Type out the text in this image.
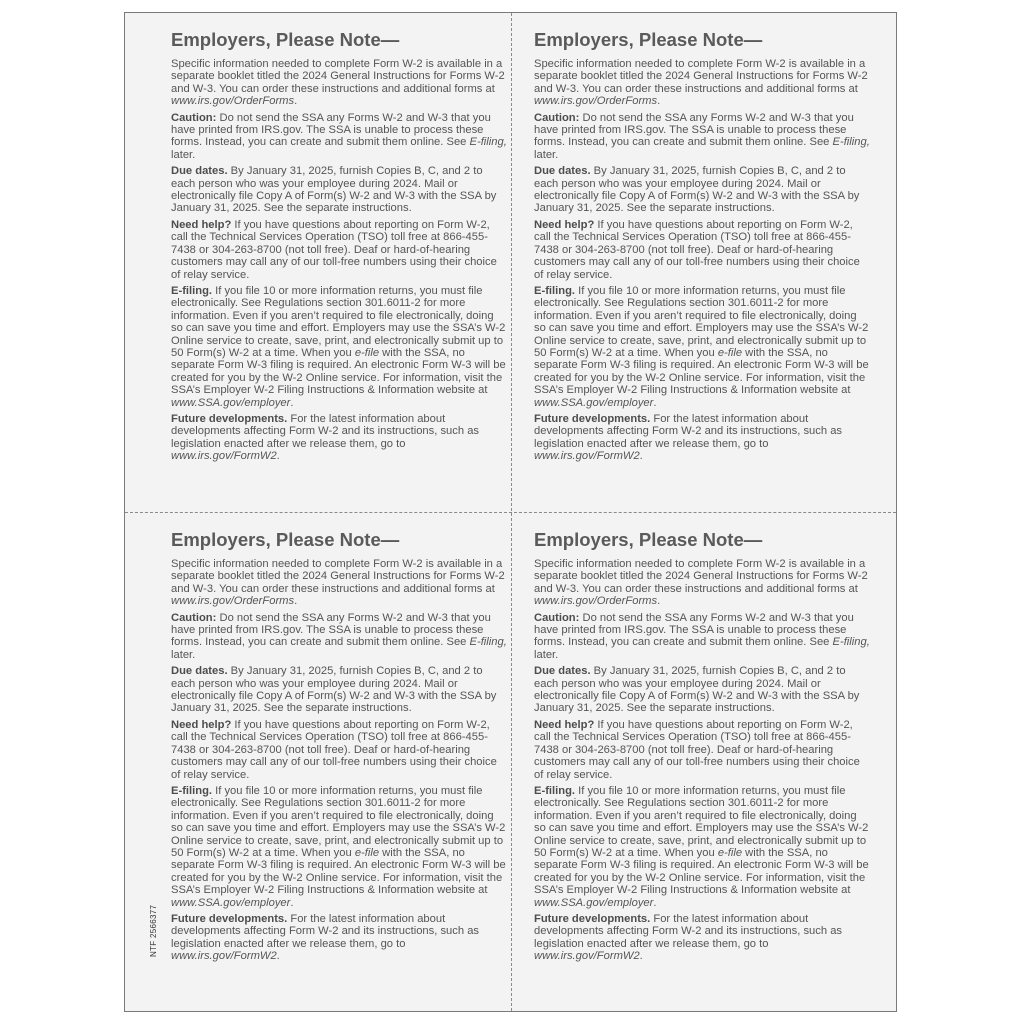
Employers, Please Note—

Specific information needed to complete Form W-2 is available in a separate booklet titled the 2024 General Instructions for Forms W-2 and W-3. You can order these instructions and additional forms at www.irs.gov/OrderForms.

Caution: Do not send the SSA any Forms W-2 and W-3 that you have printed from IRS.gov. The SSA is unable to process these forms. Instead, you can create and submit them online. See E-filing, later.

Due dates. By January 31, 2025, furnish Copies B, C, and 2 to each person who was your employee during 2024. Mail or electronically file Copy A of Form(s) W-2 and W-3 with the SSA by January 31, 2025. See the separate instructions.

Need help? If you have questions about reporting on Form W-2, call the Technical Services Operation (TSO) toll free at 866-455-7438 or 304-263-8700 (not toll free). Deaf or hard-of-hearing customers may call any of our toll-free numbers using their choice of relay service.

E-filing. If you file 10 or more information returns, you must file electronically. See Regulations section 301.6011-2 for more information. Even if you aren’t required to file electronically, doing so can save you time and effort. Employers may use the SSA’s W-2 Online service to create, save, print, and electronically submit up to 50 Form(s) W-2 at a time. When you e-file with the SSA, no separate Form W-3 filing is required. An electronic Form W-3 will be created for you by the W-2 Online service. For information, visit the SSA’s Employer W-2 Filing Instructions & Information website at www.SSA.gov/employer.

Future developments. For the latest information about developments affecting Form W-2 and its instructions, such as legislation enacted after we release them, go to www.irs.gov/FormW2.

Employers, Please Note—

Specific information needed to complete Form W-2 is available in a separate booklet titled the 2024 General Instructions for Forms W-2 and W-3. You can order these instructions and additional forms at www.irs.gov/OrderForms.

Caution: Do not send the SSA any Forms W-2 and W-3 that you have printed from IRS.gov. The SSA is unable to process these forms. Instead, you can create and submit them online. See E-filing, later.

Due dates. By January 31, 2025, furnish Copies B, C, and 2 to each person who was your employee during 2024. Mail or electronically file Copy A of Form(s) W-2 and W-3 with the SSA by January 31, 2025. See the separate instructions.

Need help? If you have questions about reporting on Form W-2, call the Technical Services Operation (TSO) toll free at 866-455-7438 or 304-263-8700 (not toll free). Deaf or hard-of-hearing customers may call any of our toll-free numbers using their choice of relay service.

E-filing. If you file 10 or more information returns, you must file electronically. See Regulations section 301.6011-2 for more information. Even if you aren’t required to file electronically, doing so can save you time and effort. Employers may use the SSA’s W-2 Online service to create, save, print, and electronically submit up to 50 Form(s) W-2 at a time. When you e-file with the SSA, no separate Form W-3 filing is required. An electronic Form W-3 will be created for you by the W-2 Online service. For information, visit the SSA’s Employer W-2 Filing Instructions & Information website at www.SSA.gov/employer.

Future developments. For the latest information about developments affecting Form W-2 and its instructions, such as legislation enacted after we release them, go to www.irs.gov/FormW2.

Employers, Please Note—

Specific information needed to complete Form W-2 is available in a separate booklet titled the 2024 General Instructions for Forms W-2 and W-3. You can order these instructions and additional forms at www.irs.gov/OrderForms.

Caution: Do not send the SSA any Forms W-2 and W-3 that you have printed from IRS.gov. The SSA is unable to process these forms. Instead, you can create and submit them online. See E-filing, later.

Due dates. By January 31, 2025, furnish Copies B, C, and 2 to each person who was your employee during 2024. Mail or electronically file Copy A of Form(s) W-2 and W-3 with the SSA by January 31, 2025. See the separate instructions.

Need help? If you have questions about reporting on Form W-2, call the Technical Services Operation (TSO) toll free at 866-455-7438 or 304-263-8700 (not toll free). Deaf or hard-of-hearing customers may call any of our toll-free numbers using their choice of relay service.

E-filing. If you file 10 or more information returns, you must file electronically. See Regulations section 301.6011-2 for more information. Even if you aren’t required to file electronically, doing so can save you time and effort. Employers may use the SSA’s W-2 Online service to create, save, print, and electronically submit up to 50 Form(s) W-2 at a time. When you e-file with the SSA, no separate Form W-3 filing is required. An electronic Form W-3 will be created for you by the W-2 Online service. For information, visit the SSA’s Employer W-2 Filing Instructions & Information website at www.SSA.gov/employer.

Future developments. For the latest information about developments affecting Form W-2 and its instructions, such as legislation enacted after we release them, go to www.irs.gov/FormW2.

Employers, Please Note—

Specific information needed to complete Form W-2 is available in a separate booklet titled the 2024 General Instructions for Forms W-2 and W-3. You can order these instructions and additional forms at www.irs.gov/OrderForms.

Caution: Do not send the SSA any Forms W-2 and W-3 that you have printed from IRS.gov. The SSA is unable to process these forms. Instead, you can create and submit them online. See E-filing, later.

Due dates. By January 31, 2025, furnish Copies B, C, and 2 to each person who was your employee during 2024. Mail or electronically file Copy A of Form(s) W-2 and W-3 with the SSA by January 31, 2025. See the separate instructions.

Need help? If you have questions about reporting on Form W-2, call the Technical Services Operation (TSO) toll free at 866-455-7438 or 304-263-8700 (not toll free). Deaf or hard-of-hearing customers may call any of our toll-free numbers using their choice of relay service.

E-filing. If you file 10 or more information returns, you must file electronically. See Regulations section 301.6011-2 for more information. Even if you aren’t required to file electronically, doing so can save you time and effort. Employers may use the SSA’s W-2 Online service to create, save, print, and electronically submit up to 50 Form(s) W-2 at a time. When you e-file with the SSA, no separate Form W-3 filing is required. An electronic Form W-3 will be created for you by the W-2 Online service. For information, visit the SSA’s Employer W-2 Filing Instructions & Information website at www.SSA.gov/employer.

Future developments. For the latest information about developments affecting Form W-2 and its instructions, such as legislation enacted after we release them, go to www.irs.gov/FormW2.

NTF 2566377
